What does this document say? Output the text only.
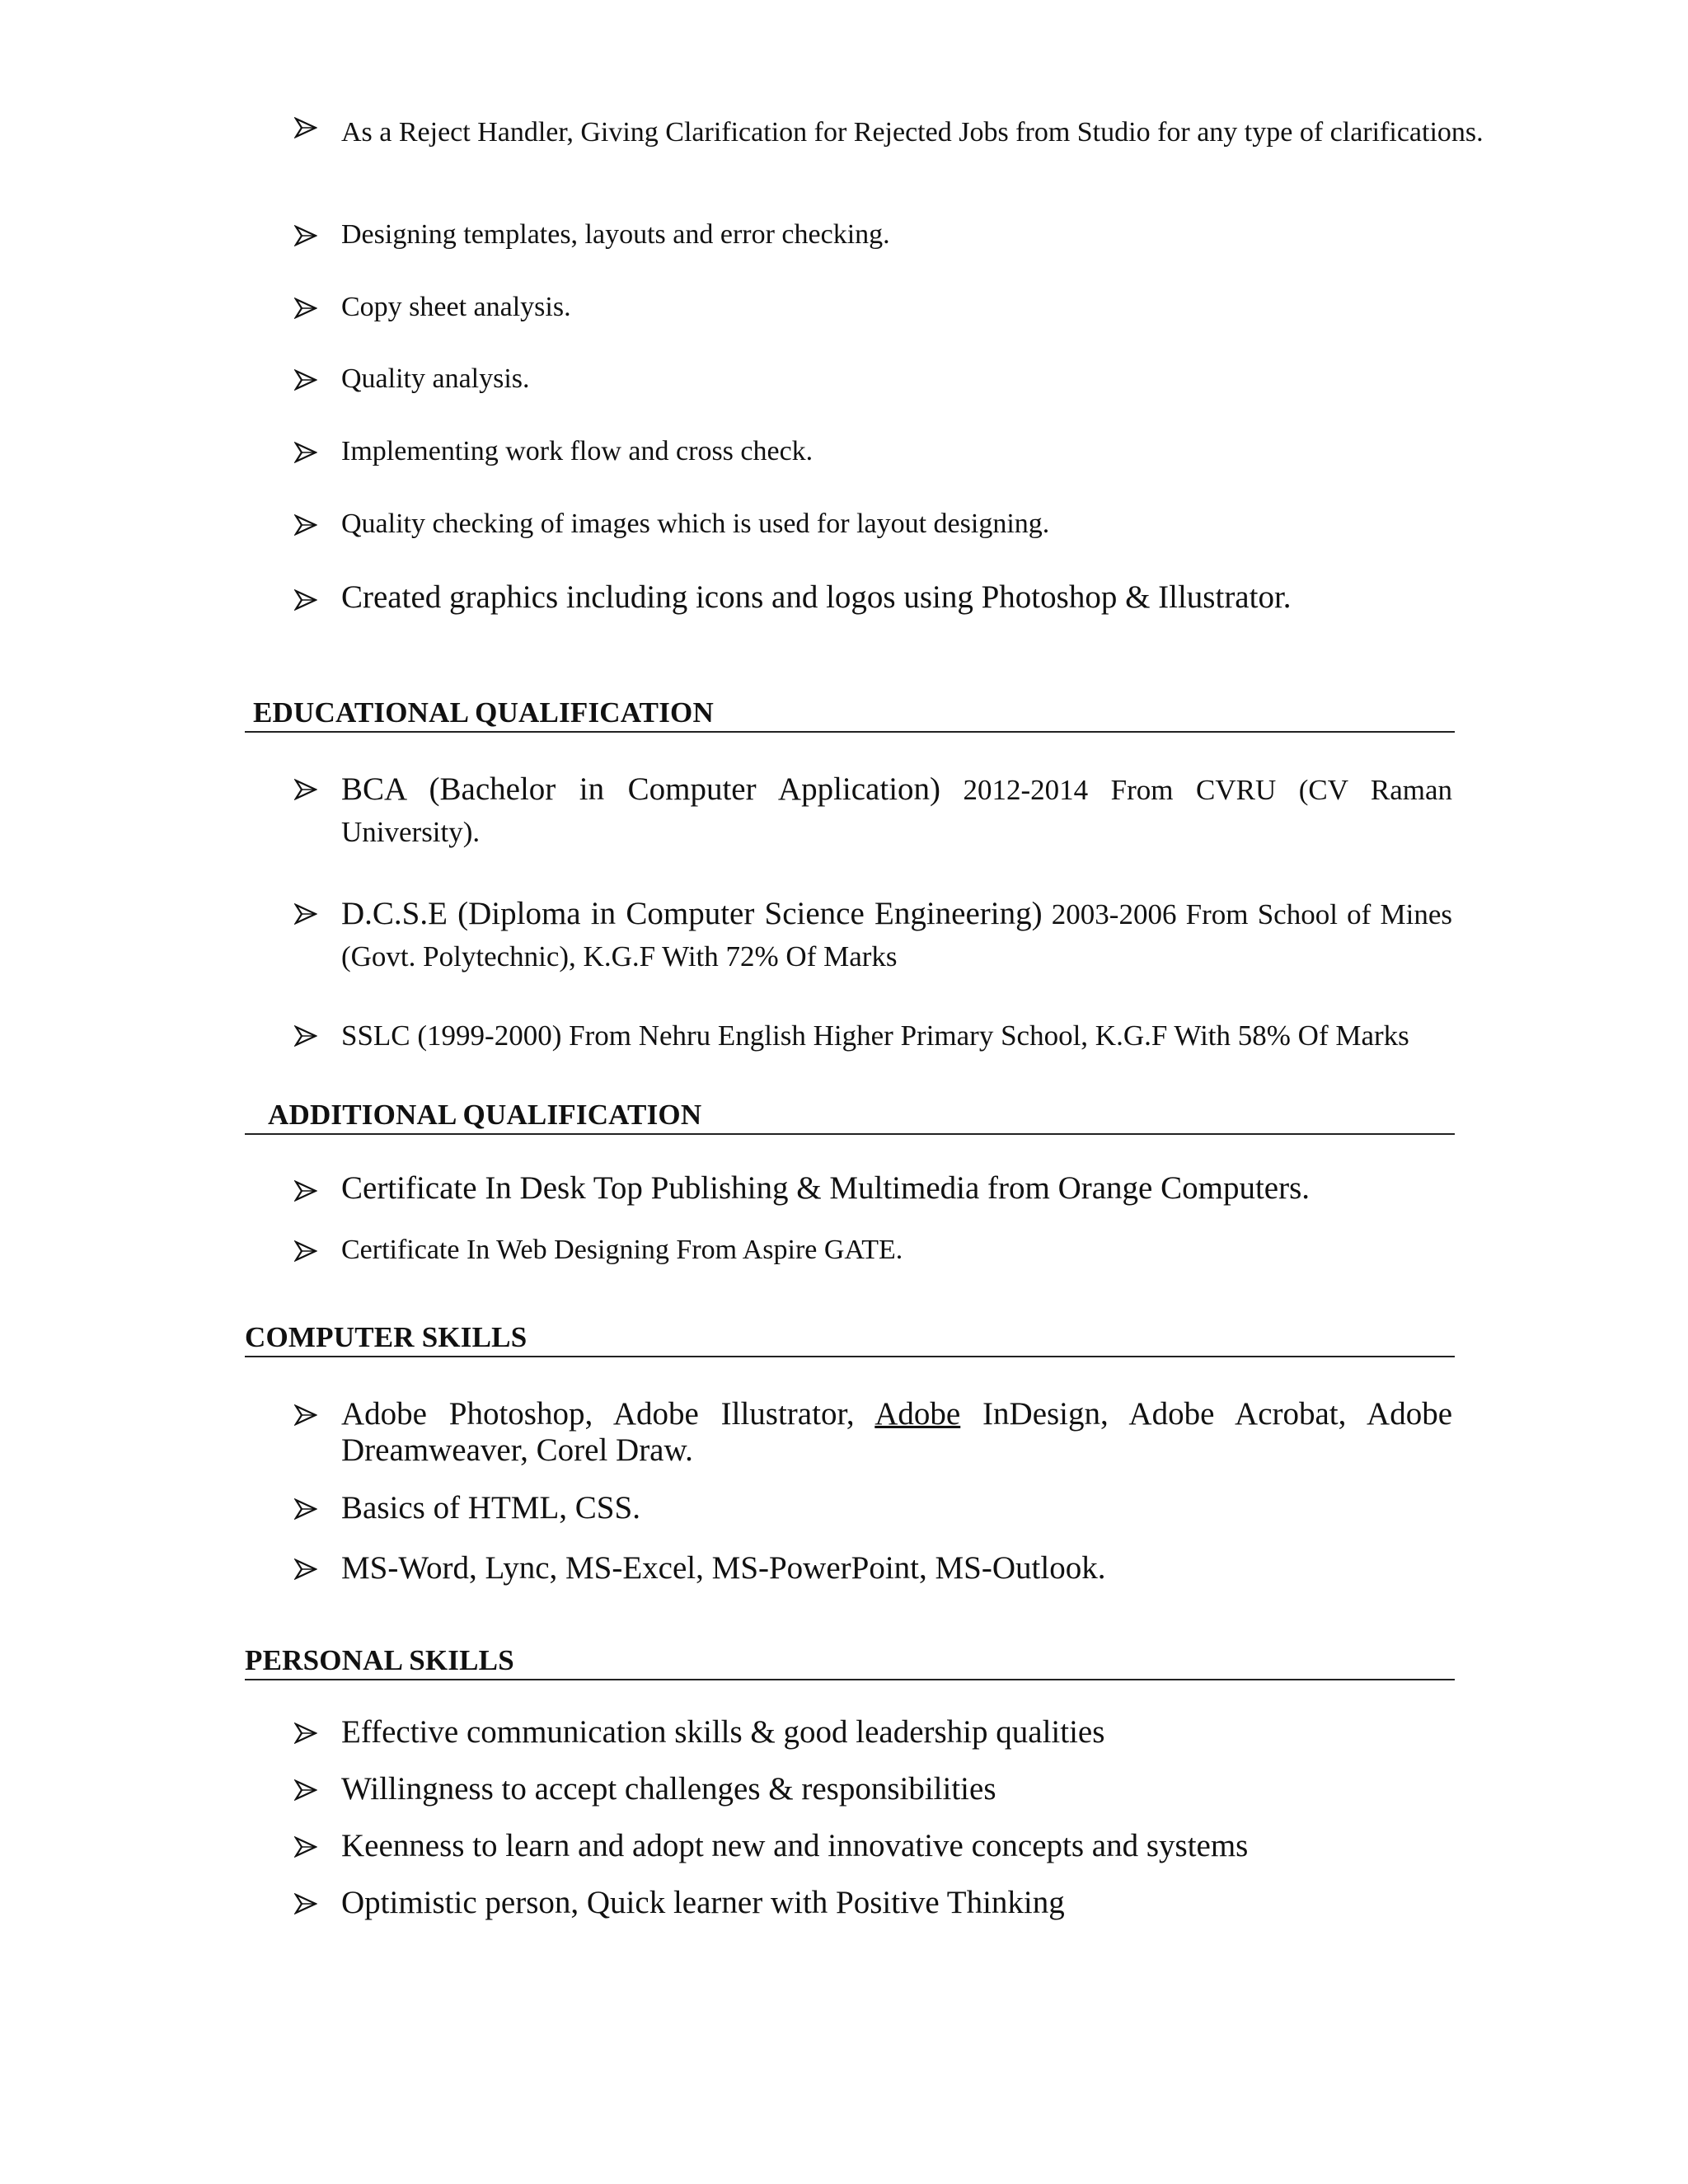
As a Reject Handler, Giving Clarification for Rejected Jobs from Studio for any type of clarifications.
Designing templates, layouts and error checking.
Copy sheet analysis.
Quality analysis.
Implementing work flow and cross check.
Quality checking of images which is used for layout designing.
Created graphics including icons and logos using Photoshop & Illustrator.
EDUCATIONAL QUALIFICATION
BCA (Bachelor in Computer Application) 2012-2014 From CVRU (CV Raman University).
D.C.S.E (Diploma in Computer Science Engineering) 2003-2006 From School of Mines (Govt. Polytechnic), K.G.F With 72% Of Marks
SSLC (1999-2000) From Nehru English Higher Primary School, K.G.F With 58% Of Marks
ADDITIONAL QUALIFICATION
Certificate In Desk Top Publishing & Multimedia from Orange Computers.
Certificate In Web Designing From Aspire GATE.
COMPUTER SKILLS
Adobe Photoshop, Adobe Illustrator, Adobe InDesign, Adobe Acrobat, Adobe Dreamweaver, Corel Draw.
Basics of HTML, CSS.
MS-Word, Lync, MS-Excel, MS-PowerPoint, MS-Outlook.
PERSONAL SKILLS
Effective communication skills & good leadership qualities
Willingness to accept challenges & responsibilities
Keenness to learn and adopt new and innovative concepts and systems
Optimistic person, Quick learner with Positive Thinking
